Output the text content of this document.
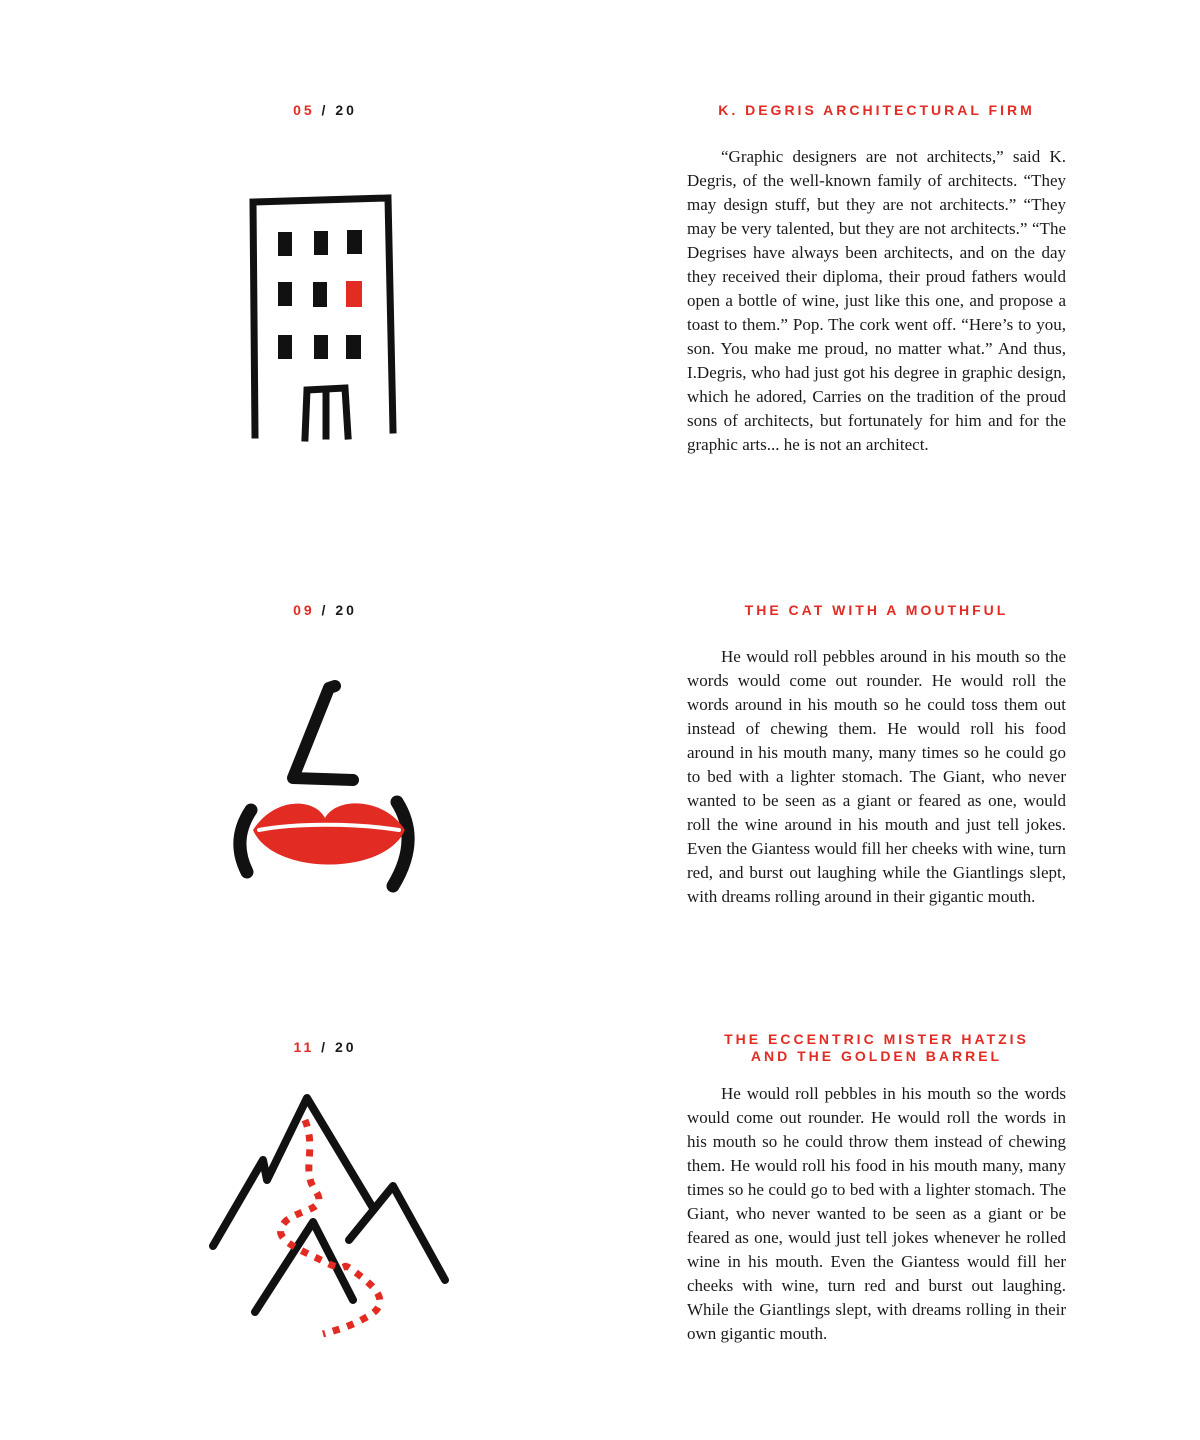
05 / 20	K. DEGRIS ARCHITECTURAL FIRM

“Graphic designers are not architects,” said K. Degris, of the well-known family of architects. “They may design stuff, but they are not architects.” “They may be very talented, but they are not architects.” “The Degrises have always been architects, and on the day they received their diploma, their proud fathers would open a bottle of wine, just like this one, and propose a toast to them.” Pop. The cork went off. “Here’s to you, son. You make me proud, no matter what.” And thus, I.Degris, who had just got his degree in graphic design, which he adored, Carries on the tradition of the proud sons of architects, but fortunately for him and for the graphic arts... he is not an architect.

09 / 20	THE CAT WITH A MOUTHFUL

He would roll pebbles around in his mouth so the words would come out rounder. He would roll the words around in his mouth so he could toss them out instead of chewing them. He would roll his food around in his mouth many, many times so he could go to bed with a lighter stomach. The Giant, who never wanted to be seen as a giant or feared as one, would roll the wine around in his mouth and just tell jokes. Even the Giantess would fill her cheeks with wine, turn red, and burst out laughing while the Giantlings slept, with dreams rolling around in their gigantic mouth.

11 / 20	THE ECCENTRIC MISTER HATZIS
AND THE GOLDEN BARREL

He would roll pebbles in his mouth so the words would come out rounder. He would roll the words in his mouth so he could throw them instead of chewing them. He would roll his food in his mouth many, many times so he could go to bed with a lighter stomach. The Giant, who never wanted to be seen as a giant or be feared as one, would just tell jokes whenever he rolled wine in his mouth. Even the Giantess would fill her cheeks with wine, turn red and burst out laughing. While the Giantlings slept, with dreams rolling in their own gigantic mouth.
